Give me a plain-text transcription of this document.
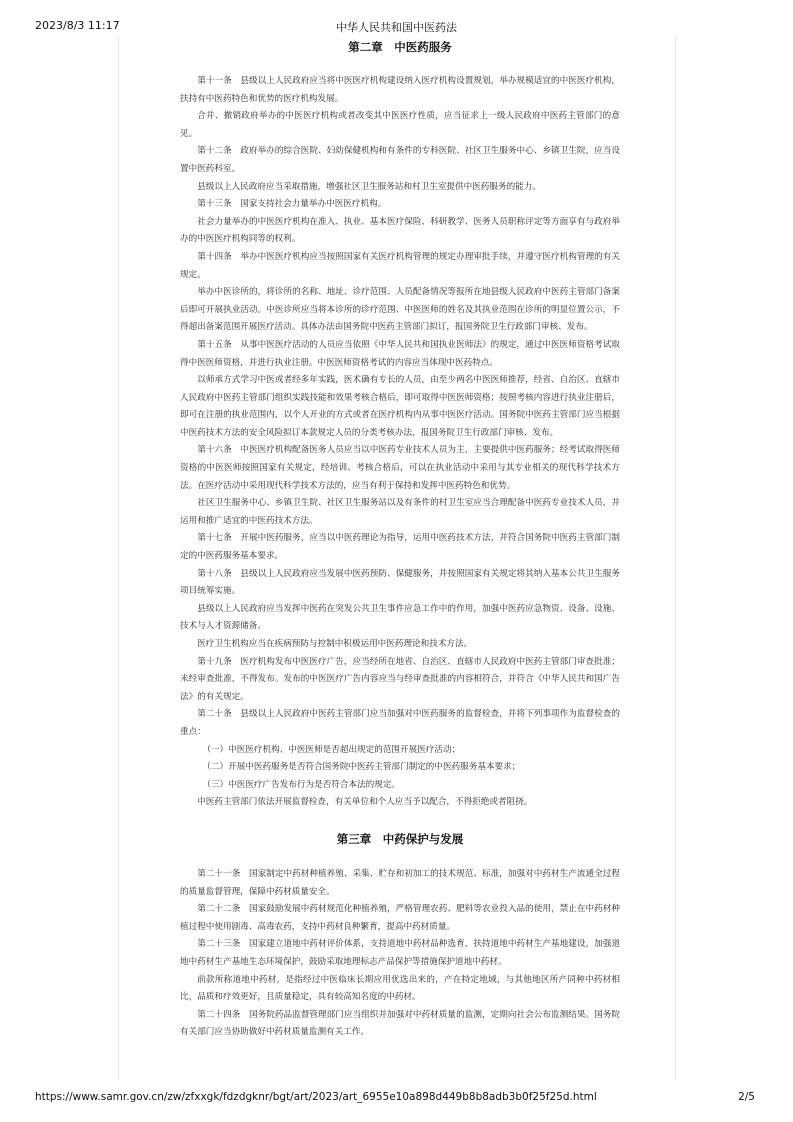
2023/8/3 11:17	中华人民共和国中医药法
第二章　中医药服务

第十一条　县级以上人民政府应当将中医医疗机构建设纳入医疗机构设置规划，举办规模适宜的中医医疗机构，扶持有中医药特色和优势的医疗机构发展。

合并、撤销政府举办的中医医疗机构或者改变其中医医疗性质，应当征求上一级人民政府中医药主管部门的意见。

第十二条　政府举办的综合医院、妇幼保健机构和有条件的专科医院、社区卫生服务中心、乡镇卫生院，应当设置中医药科室。

县级以上人民政府应当采取措施，增强社区卫生服务站和村卫生室提供中医药服务的能力。

第十三条　国家支持社会力量举办中医医疗机构。

社会力量举办的中医医疗机构在准入、执业、基本医疗保险、科研教学、医务人员职称评定等方面享有与政府举办的中医医疗机构同等的权利。

第十四条　举办中医医疗机构应当按照国家有关医疗机构管理的规定办理审批手续，并遵守医疗机构管理的有关规定。

举办中医诊所的，将诊所的名称、地址、诊疗范围、人员配备情况等报所在地县级人民政府中医药主管部门备案后即可开展执业活动。中医诊所应当将本诊所的诊疗范围、中医医师的姓名及其执业范围在诊所的明显位置公示，不得超出备案范围开展医疗活动。具体办法由国务院中医药主管部门拟订，报国务院卫生行政部门审核、发布。

第十五条　从事中医医疗活动的人员应当依照《中华人民共和国执业医师法》的规定，通过中医医师资格考试取得中医医师资格，并进行执业注册。中医医师资格考试的内容应当体现中医药特点。

以师承方式学习中医或者经多年实践，医术确有专长的人员，由至少两名中医医师推荐，经省、自治区、直辖市人民政府中医药主管部门组织实践技能和效果考核合格后，即可取得中医医师资格；按照考核内容进行执业注册后，即可在注册的执业范围内，以个人开业的方式或者在医疗机构内从事中医医疗活动。国务院中医药主管部门应当根据中医药技术方法的安全风险拟订本款规定人员的分类考核办法，报国务院卫生行政部门审核、发布。

第十六条　中医医疗机构配备医务人员应当以中医药专业技术人员为主，主要提供中医药服务；经考试取得医师资格的中医医师按照国家有关规定，经培训、考核合格后，可以在执业活动中采用与其专业相关的现代科学技术方法。在医疗活动中采用现代科学技术方法的，应当有利于保持和发挥中医药特色和优势。

社区卫生服务中心、乡镇卫生院、社区卫生服务站以及有条件的村卫生室应当合理配备中医药专业技术人员，并运用和推广适宜的中医药技术方法。

第十七条　开展中医药服务，应当以中医药理论为指导，运用中医药技术方法，并符合国务院中医药主管部门制定的中医药服务基本要求。

第十八条　县级以上人民政府应当发展中医药预防、保健服务，并按照国家有关规定将其纳入基本公共卫生服务项目统筹实施。

县级以上人民政府应当发挥中医药在突发公共卫生事件应急工作中的作用，加强中医药应急物资、设备、设施、技术与人才资源储备。

医疗卫生机构应当在疾病预防与控制中积极运用中医药理论和技术方法。

第十九条　医疗机构发布中医医疗广告，应当经所在地省、自治区、直辖市人民政府中医药主管部门审查批准；未经审查批准，不得发布。发布的中医医疗广告内容应当与经审查批准的内容相符合，并符合《中华人民共和国广告法》的有关规定。

第二十条　县级以上人民政府中医药主管部门应当加强对中医药服务的监督检查，并将下列事项作为监督检查的重点：

（一）中医医疗机构、中医医师是否超出规定的范围开展医疗活动；

（二）开展中医药服务是否符合国务院中医药主管部门制定的中医药服务基本要求；

（三）中医医疗广告发布行为是否符合本法的规定。

中医药主管部门依法开展监督检查，有关单位和个人应当予以配合，不得拒绝或者阻挠。

第三章　中药保护与发展

第二十一条　国家制定中药材种植养殖、采集、贮存和初加工的技术规范、标准，加强对中药材生产流通全过程的质量监督管理，保障中药材质量安全。

第二十二条　国家鼓励发展中药材规范化种植养殖，严格管理农药、肥料等农业投入品的使用，禁止在中药材种植过程中使用剧毒、高毒农药，支持中药材良种繁育，提高中药材质量。

第二十三条　国家建立道地中药材评价体系，支持道地中药材品种选育，扶持道地中药材生产基地建设，加强道地中药材生产基地生态环境保护，鼓励采取地理标志产品保护等措施保护道地中药材。

前款所称道地中药材，是指经过中医临床长期应用优选出来的，产在特定地域，与其他地区所产同种中药材相比，品质和疗效更好，且质量稳定，具有较高知名度的中药材。

第二十四条　国务院药品监督管理部门应当组织并加强对中药材质量的监测，定期向社会公布监测结果。国务院有关部门应当协助做好中药材质量监测有关工作。

https://www.samr.gov.cn/zw/zfxxgk/fdzdgknr/bgt/art/2023/art_6955e10a898d449b8b8adb3b0f25f25d.html	2/5
